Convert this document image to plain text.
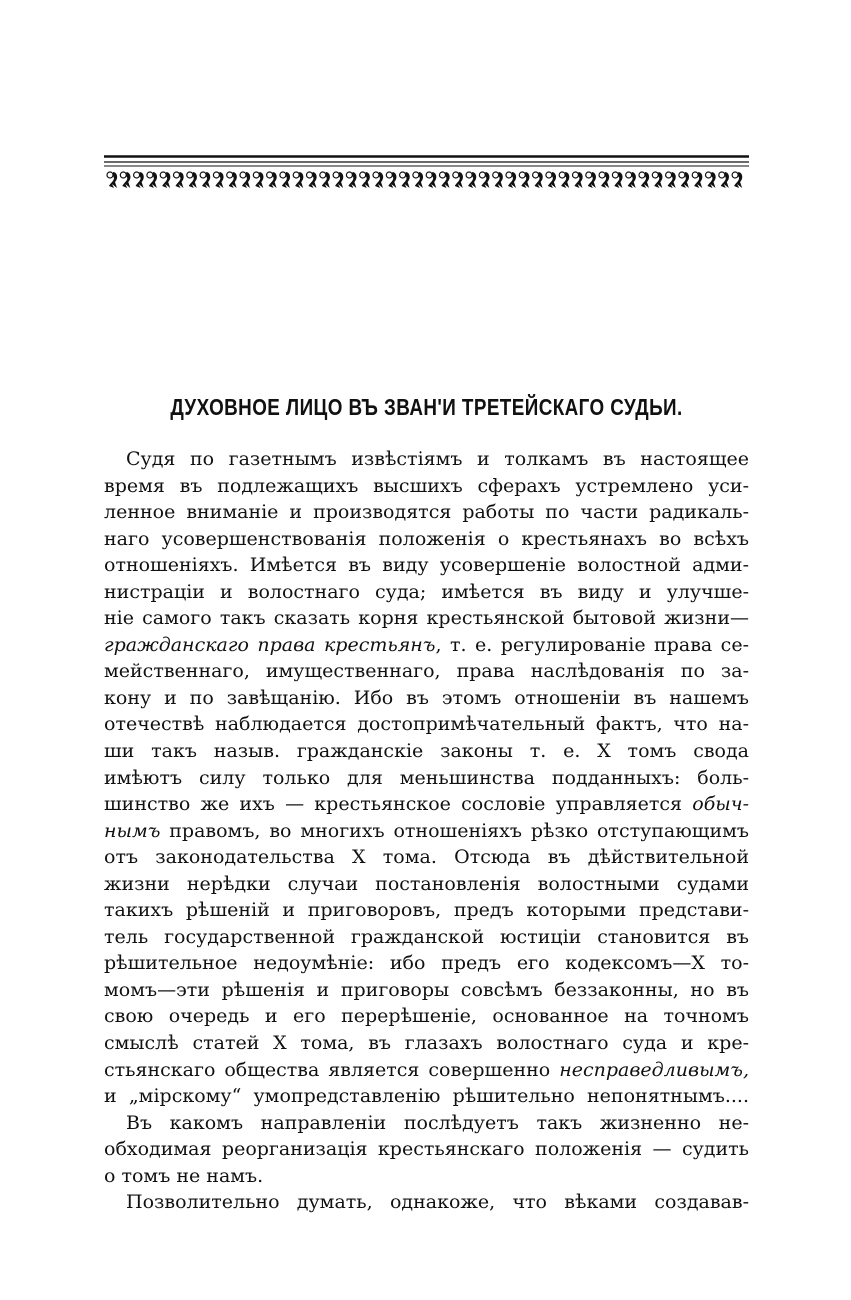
ДУХОВНОЕ ЛИЦО ВЪ ЗВАН'И ТРЕТЕЙСКАГО СУДЬИ.
Судя по газетнымъ извѣстіямъ и толкамъ въ настоящее
время въ подлежащихъ высшихъ сферахъ устремлено уси-
ленное вниманіе и производятся работы по части радикаль-
наго усовершенствованія положенія о крестьянахъ во всѣхъ
отношеніяхъ. Имѣется въ виду усовершеніе волостной адми-
нистраціи и волостнаго суда; имѣется въ виду и улучше-
ніе самого такъ сказать корня крестьянской бытовой жизни—
гражданскаго права крестьянъ, т. е. регулированіе права се-
мейственнаго, имущественнаго, права наслѣдованія по за-
кону и по завѣщанію. Ибо въ этомъ отношеніи въ нашемъ
отечествѣ наблюдается достопримѣчательный фактъ, что на-
ши такъ назыв. гражданскіе законы т. е. X томъ свода
имѣютъ силу только для меньшинства подданныхъ: боль-
шинство же ихъ — крестьянское сословіе управляется обыч-
нымъ правомъ, во многихъ отношеніяхъ рѣзко отступающимъ
отъ законодательства X тома. Отсюда въ дѣйствительной
жизни нерѣдки случаи постановленія волостными судами
такихъ рѣшеній и приговоровъ, предъ которыми представи-
тель государственной гражданской юстиціи становится въ
рѣшительное недоумѣніе: ибо предъ его кодексомъ—X то-
момъ—эти рѣшенія и приговоры совсѣмъ беззаконны, но въ
свою очередь и его перерѣшеніе, основанное на точномъ
смыслѣ статей X тома, въ глазахъ волостнаго суда и кре-
стьянскаго общества является совершенно несправедливымъ,
и „мірскому“ умопредставленію рѣшительно непонятнымъ....
Въ какомъ направленіи послѣдуетъ такъ жизненно не-
обходимая реорганизація крестьянскаго положенія — судить
о томъ не намъ.
Позволительно думать, однакоже, что вѣками создавав-
